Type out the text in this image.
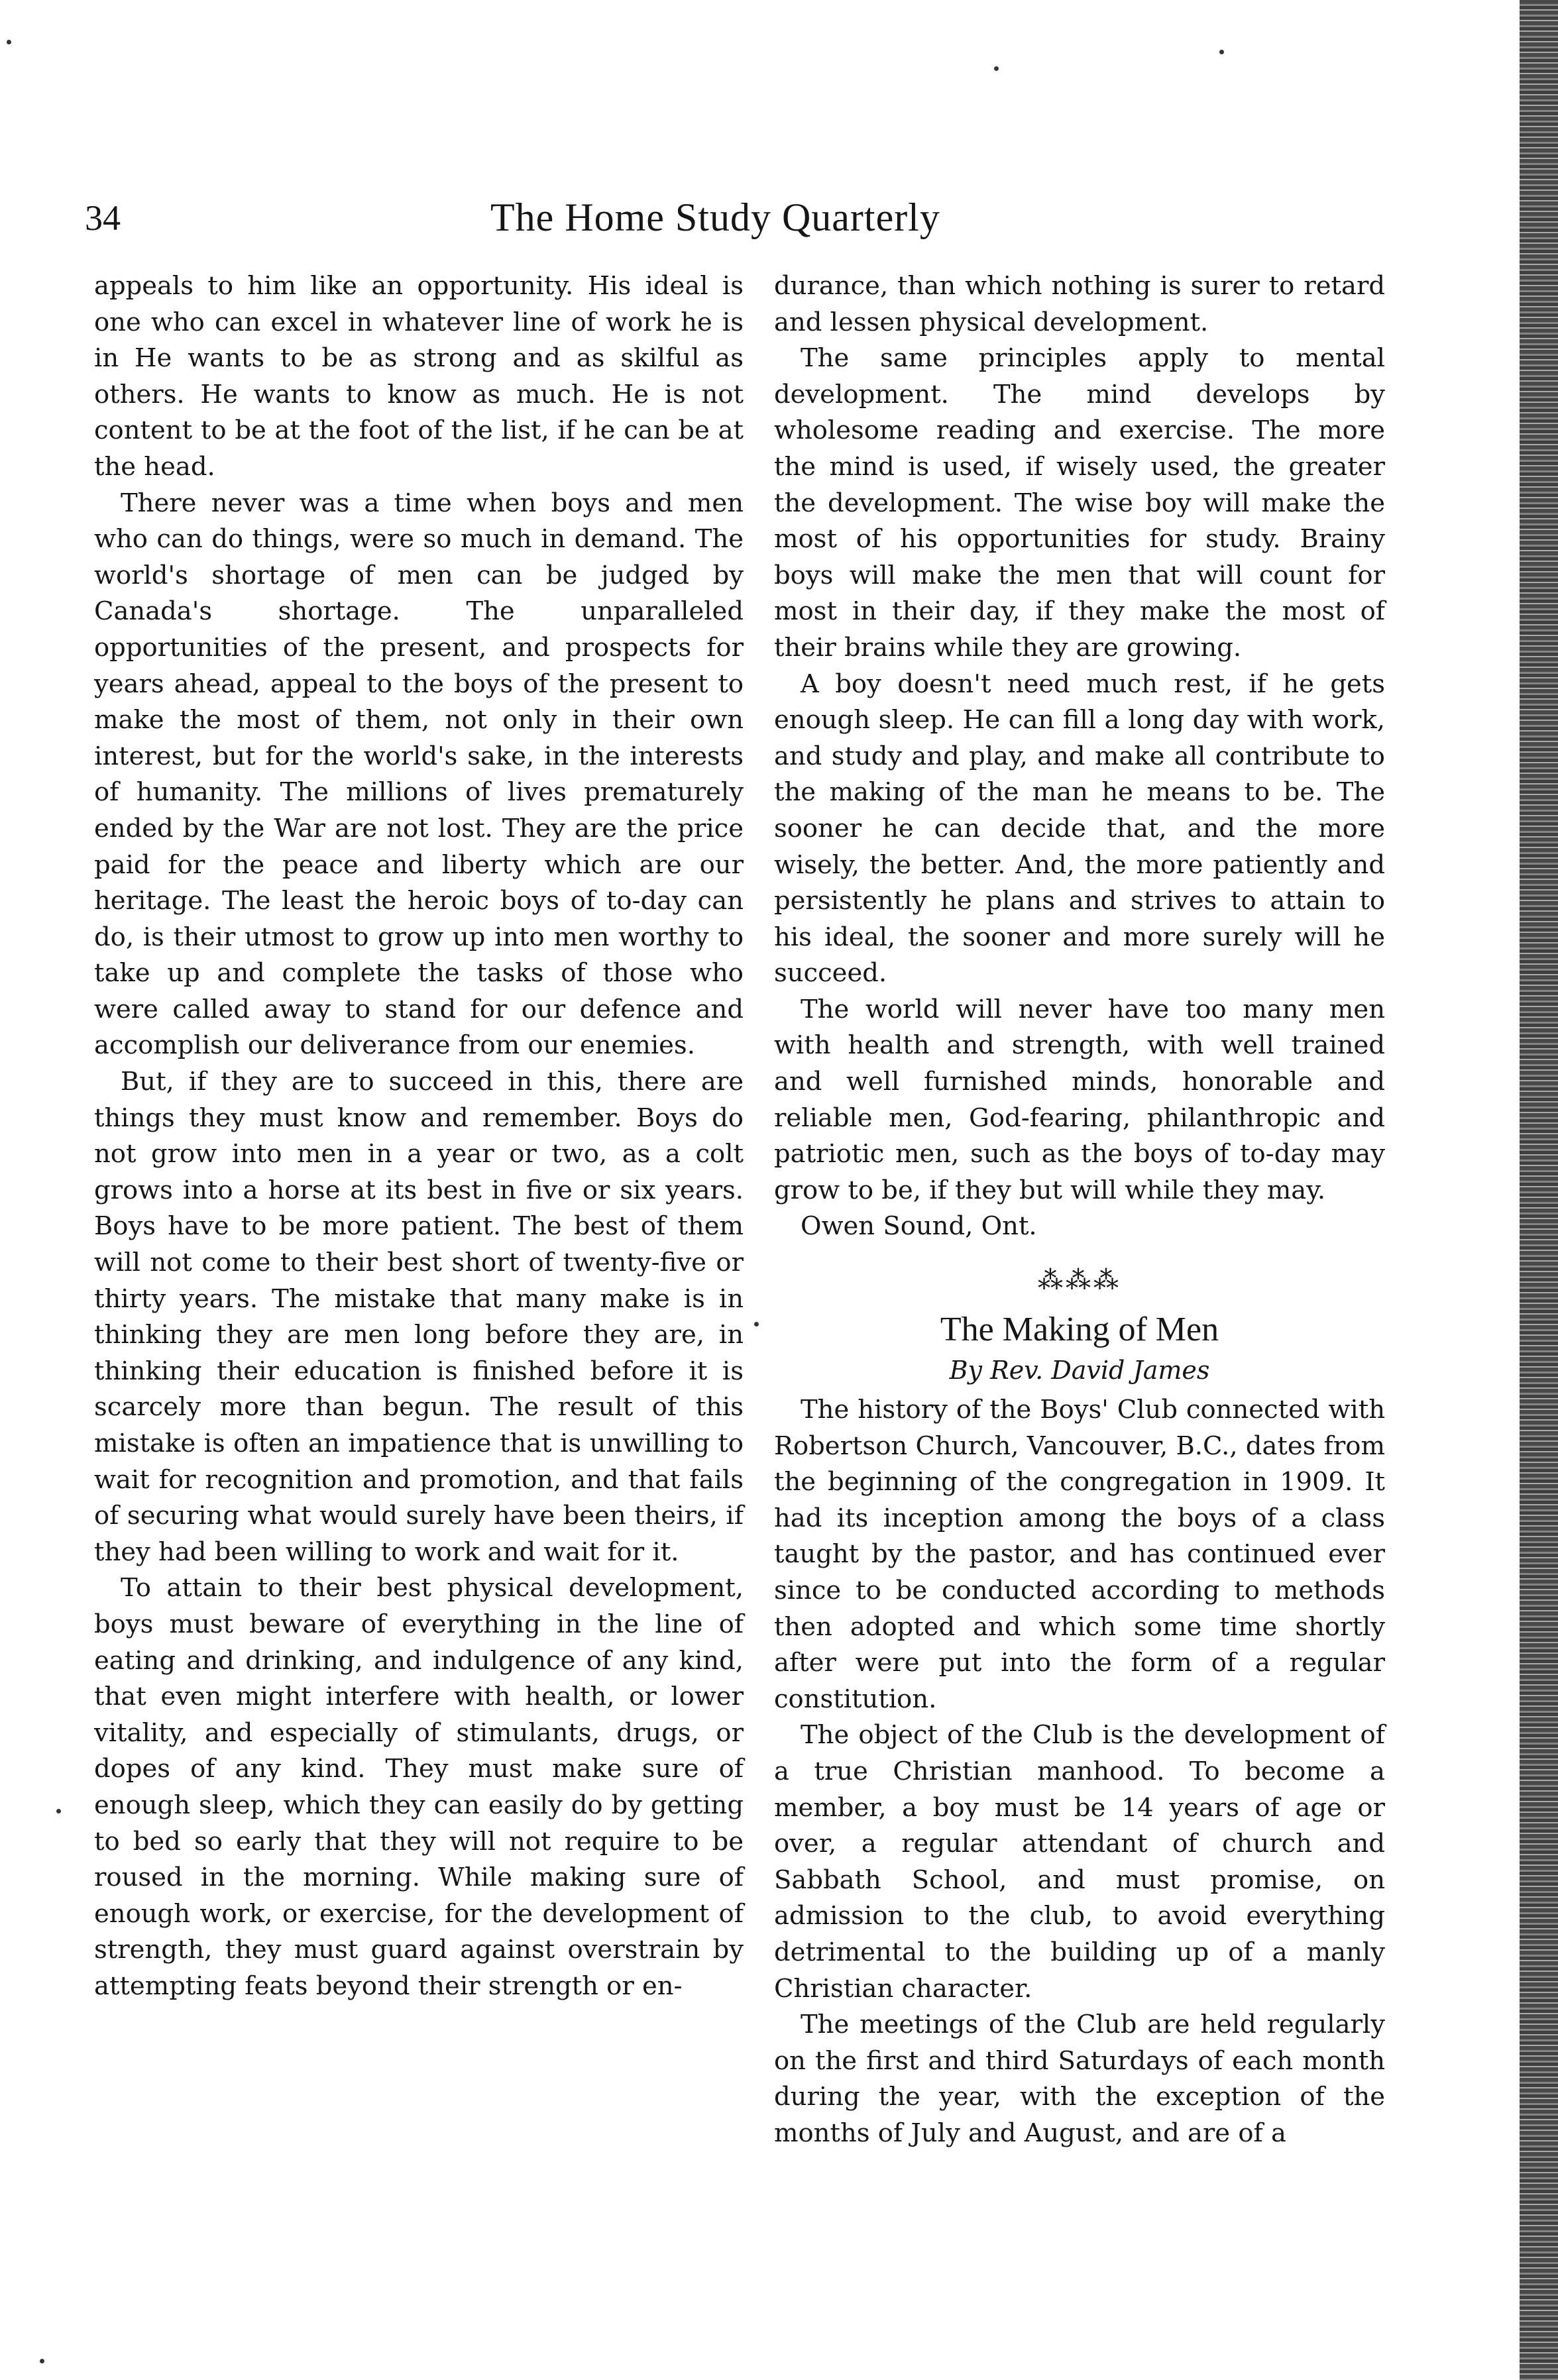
34	The Home Study Quarterly

appeals to him like an opportunity. His ideal is one who can excel in whatever line of work he is in He wants to be as strong and as skilful as others. He wants to know as much. He is not content to be at the foot of the list, if he can be at the head.

There never was a time when boys and men who can do things, were so much in demand. The world's shortage of men can be judged by Canada's shortage. The unparalleled opportunities of the present, and prospects for years ahead, appeal to the boys of the present to make the most of them, not only in their own interest, but for the world's sake, in the interests of humanity. The millions of lives prematurely ended by the War are not lost. They are the price paid for the peace and liberty which are our heritage. The least the heroic boys of to-day can do, is their utmost to grow up into men worthy to take up and complete the tasks of those who were called away to stand for our defence and accomplish our deliverance from our enemies.

But, if they are to succeed in this, there are things they must know and remember. Boys do not grow into men in a year or two, as a colt grows into a horse at its best in five or six years. Boys have to be more patient. The best of them will not come to their best short of twenty-five or thirty years. The mistake that many make is in thinking they are men long before they are, in thinking their education is finished before it is scarcely more than begun. The result of this mistake is often an impatience that is unwilling to wait for recognition and promotion, and that fails of securing what would surely have been theirs, if they had been willing to work and wait for it.

To attain to their best physical development, boys must beware of everything in the line of eating and drinking, and indulgence of any kind, that even might interfere with health, or lower vitality, and especially of stimulants, drugs, or dopes of any kind. They must make sure of enough sleep, which they can easily do by getting to bed so early that they will not require to be roused in the morning. While making sure of enough work, or exercise, for the development of strength, they must guard against overstrain by attempting feats beyond their strength or en-

durance, than which nothing is surer to retard and lessen physical development.

The same principles apply to mental development. The mind develops by wholesome reading and exercise. The more the mind is used, if wisely used, the greater the development. The wise boy will make the most of his opportunities for study. Brainy boys will make the men that will count for most in their day, if they make the most of their brains while they are growing.

A boy doesn't need much rest, if he gets enough sleep. He can fill a long day with work, and study and play, and make all contribute to the making of the man he means to be. The sooner he can decide that, and the more wisely, the better. And, the more patiently and persistently he plans and strives to attain to his ideal, the sooner and more surely will he succeed.

The world will never have too many men with health and strength, with well trained and well furnished minds, honorable and reliable men, God-fearing, philanthropic and patriotic men, such as the boys of to-day may grow to be, if they but will while they may.

Owen Sound, Ont.

⁂⁂⁂
The Making of Men
By Rev. David James

The history of the Boys' Club connected with Robertson Church, Vancouver, B.C., dates from the beginning of the congregation in 1909. It had its inception among the boys of a class taught by the pastor, and has continued ever since to be conducted according to methods then adopted and which some time shortly after were put into the form of a regular constitution.

The object of the Club is the development of a true Christian manhood. To become a member, a boy must be 14 years of age or over, a regular attendant of church and Sabbath School, and must promise, on admission to the club, to avoid everything detrimental to the building up of a manly Christian character.

The meetings of the Club are held regularly on the first and third Saturdays of each month during the year, with the exception of the months of July and August, and are of a
